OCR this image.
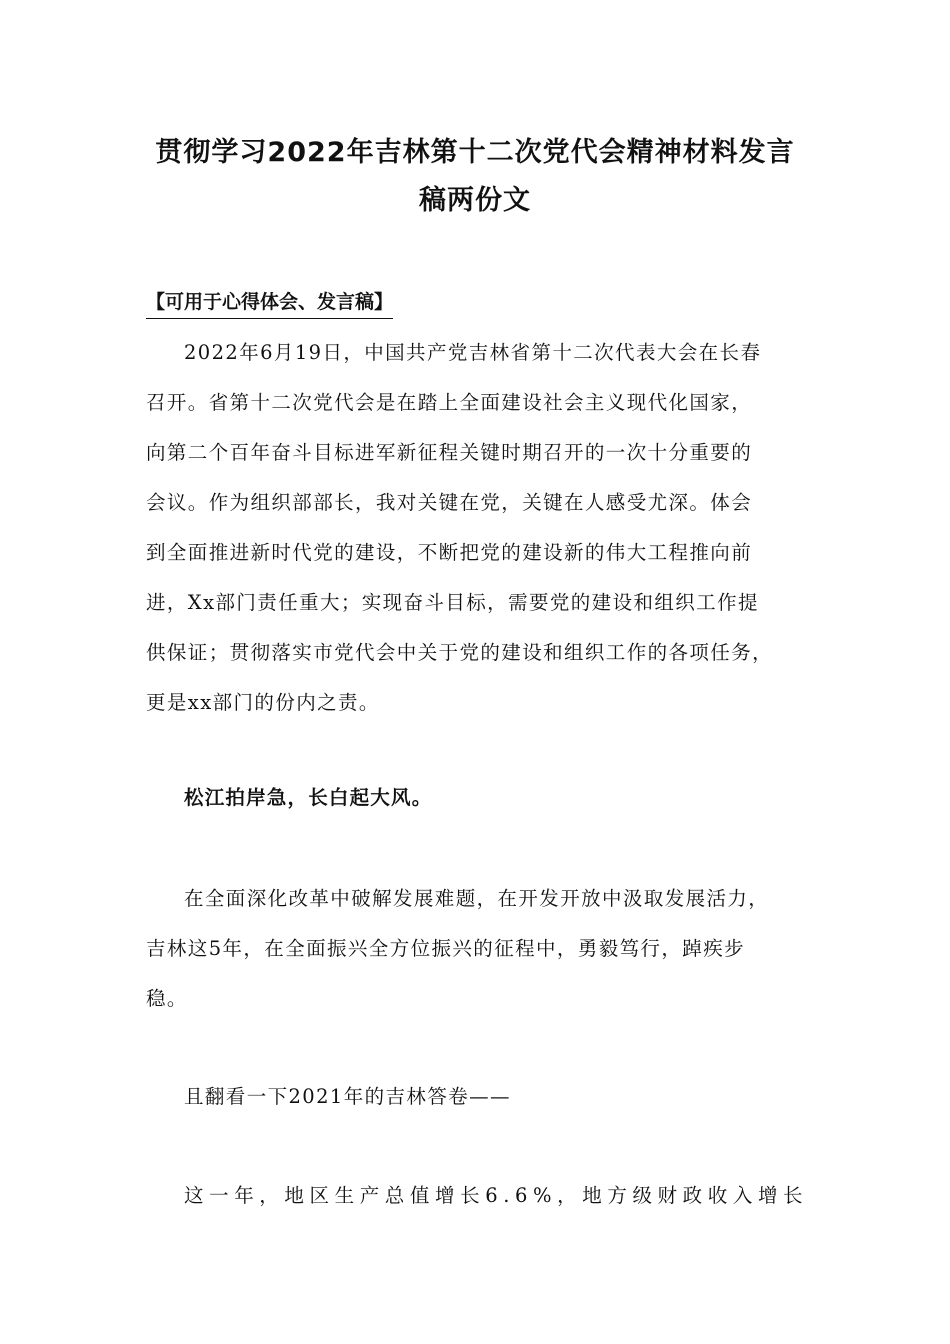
贯彻学习2022年吉林第十二次党代会精神材料发言
稿两份文
【可用于心得体会、发言稿】
2022年6月19日，中国共产党吉林省第十二次代表大会在长春
召开。省第十二次党代会是在踏上全面建设社会主义现代化国家，
向第二个百年奋斗目标进军新征程关键时期召开的一次十分重要的
会议。作为组织部部长，我对关键在党，关键在人感受尤深。体会
到全面推进新时代党的建设，不断把党的建设新的伟大工程推向前
进，Xx部门责任重大；实现奋斗目标，需要党的建设和组织工作提
供保证；贯彻落实市党代会中关于党的建设和组织工作的各项任务，
更是xx部门的份内之责。
松江拍岸急，长白起大风。
在全面深化改革中破解发展难题，在开发开放中汲取发展活力，
吉林这5年，在全面振兴全方位振兴的征程中，勇毅笃行，踔疾步
稳。
且翻看一下2021年的吉林答卷——
这一年，地区生产总值增长6.6%，地方级财政收入增长
